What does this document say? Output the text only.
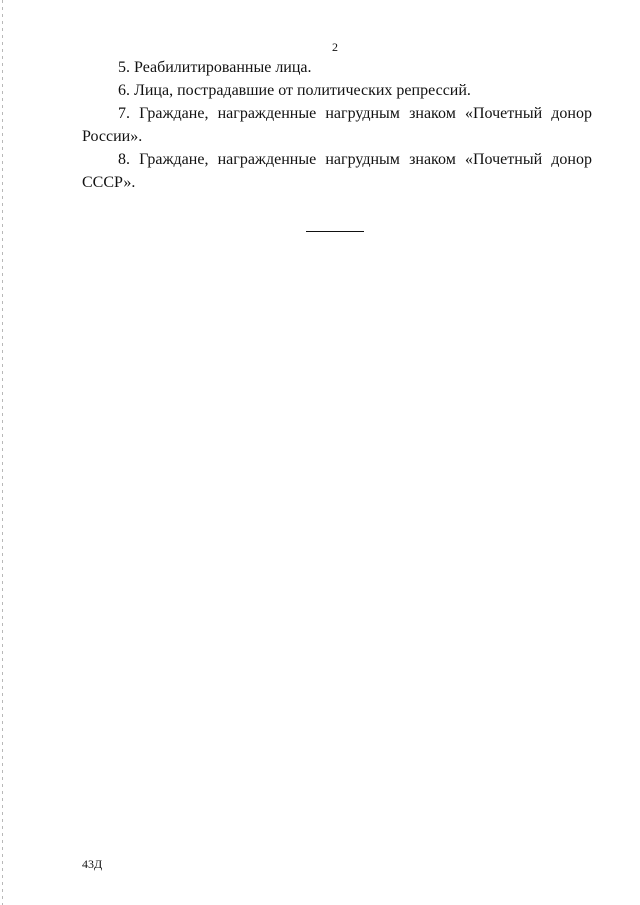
2

5. Реабилитированные лица.

6. Лица, пострадавшие от политических репрессий.

7. Граждане, награжденные нагрудным знаком «Почетный донор России».

8. Граждане, награжденные нагрудным знаком «Почетный донор СССР».

43Д
